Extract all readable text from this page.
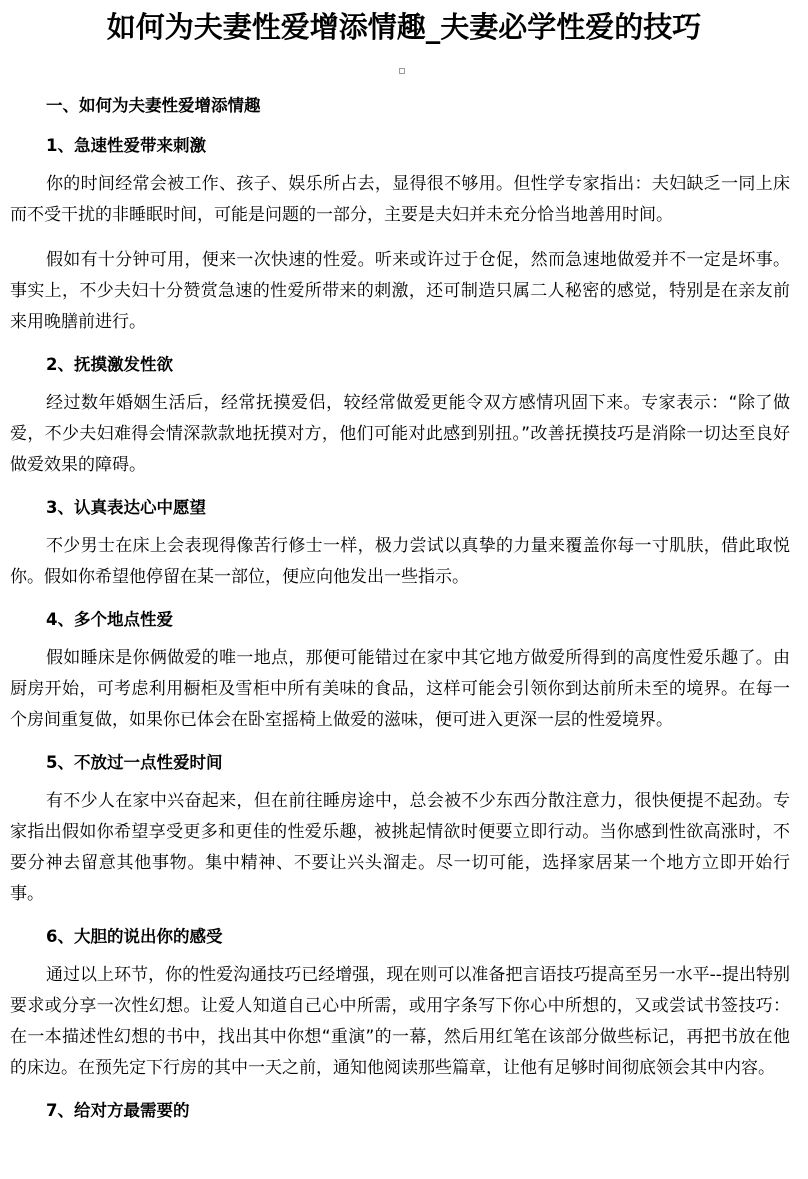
如何为夫妻性爱增添情趣_夫妻必学性爱的技巧
一、如何为夫妻性爱增添情趣
1、急速性爱带来刺激

你的时间经常会被工作、孩子、娱乐所占去，显得很不够用。但性学专家指出：夫妇缺乏一同上床而不受干扰的非睡眠时间，可能是问题的一部分，主要是夫妇并未充分恰当地善用时间。

假如有十分钟可用，便来一次快速的性爱。听来或许过于仓促，然而急速地做爱并不一定是坏事。事实上，不少夫妇十分赞赏急速的性爱所带来的刺激，还可制造只属二人秘密的感觉，特别是在亲友前来用晚膳前进行。

2、抚摸激发性欲

经过数年婚姻生活后，经常抚摸爱侣，较经常做爱更能令双方感情巩固下来。专家表示：“除了做爱，不少夫妇难得会情深款款地抚摸对方，他们可能对此感到别扭。”改善抚摸技巧是消除一切达至良好做爱效果的障碍。

3、认真表达心中愿望

不少男士在床上会表现得像苦行修士一样，极力尝试以真挚的力量来覆盖你每一寸肌肤，借此取悦你。假如你希望他停留在某一部位，便应向他发出一些指示。

4、多个地点性爱

假如睡床是你俩做爱的唯一地点，那便可能错过在家中其它地方做爱所得到的高度性爱乐趣了。由厨房开始，可考虑利用橱柜及雪柜中所有美味的食品，这样可能会引领你到达前所未至的境界。在每一个房间重复做，如果你已体会在卧室摇椅上做爱的滋味，便可进入更深一层的性爱境界。

5、不放过一点性爱时间

有不少人在家中兴奋起来，但在前往睡房途中，总会被不少东西分散注意力，很快便提不起劲。专家指出假如你希望享受更多和更佳的性爱乐趣，被挑起情欲时便要立即行动。当你感到性欲高涨时，不要分神去留意其他事物。集中精神、不要让兴头溜走。尽一切可能，选择家居某一个地方立即开始行事。

6、大胆的说出你的感受

通过以上环节，你的性爱沟通技巧已经增强，现在则可以准备把言语技巧提高至另一水平--提出特别要求或分享一次性幻想。让爱人知道自己心中所需，或用字条写下你心中所想的，又或尝试书签技巧：在一本描述性幻想的书中，找出其中你想“重演”的一幕，然后用红笔在该部分做些标记，再把书放在他的床边。在预先定下行房的其中一天之前，通知他阅读那些篇章，让他有足够时间彻底领会其中内容。

7、给对方最需要的
